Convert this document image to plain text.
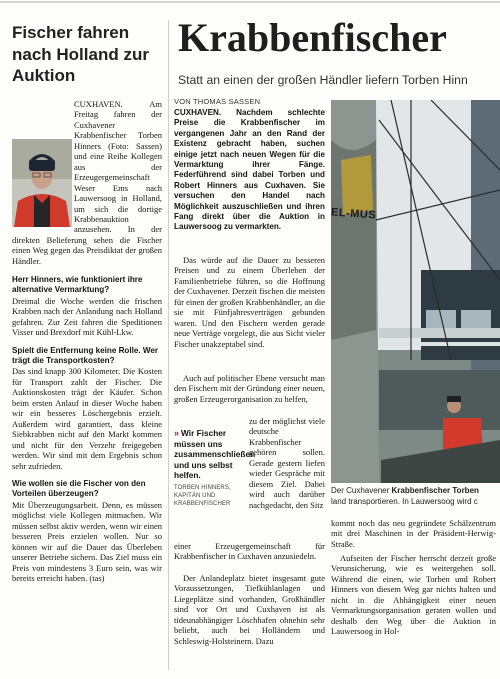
Fischer fahren nach Holland zur Auktion
CUXHAVEN. Am Freitag fahren der Cuxhavener Krabbenfischer Torben Hinners (Foto: Sassen) und eine Reihe Kollegen aus der Erzeugergemeinschaft Weser Ems nach Lauwersoog in Holland, um sich die dortige Krabbenauktion anzusehen. In der direkten Belieferung sehen die Fischer einen Weg gegen das Preisdiktat der großen Händler.

Herr Hinners, wie funktioniert ihre alternative Vermarktung?

Dreimal die Woche werden die frischen Krabben nach der Anlandung nach Holland gefahren. Zur Zeit fahren die Speditionen Visser und Brexdorf mit Kühl-Lkw.

Spielt die Entfernung keine Rolle. Wer trägt die Transportkosten?

Das sind knapp 300 Kilometer. Die Kosten für Transport zahlt der Fischer. Die Auktionskosten trägt der Käufer. Schon beim ersten Anlauf in dieser Woche haben wir ein besseres Löschergebnis erzielt. Außerdem wird garantiert, dass kleine Siebkrabben nicht auf den Markt kommen und nicht für den Verzehr freigegeben werden. Wir sind mit dem Ergebnis schon sehr zufrieden.

Wie wollen sie die Fischer von den Vorteilen überzeugen?

Mit Überzeugungsarbeit. Denn, es müssen möglichst viele Kollegen mitmachen. Wir müssen selbst aktiv werden, wenn wir einen besseren Preis erzielen wollen. Nur so können wir auf die Dauer das Überleben unserer Betriebe sichern. Das Ziel muss ein Preis von mindestens 3 Euro sein, was wir bereits erreicht haben. (tas)

Krabbenfischer
Statt an einen der großen Händler liefern Torben Hinn
VON THOMAS SASSEN

CUXHAVEN. Nachdem schlechte Preise die Krabbenfischer im vergangenen Jahr an den Rand der Existenz gebracht haben, suchen einige jetzt nach neuen Wegen für die Vermarktung ihrer Fänge. Federführend sind dabei Torben und Robert Hinners aus Cuxhaven. Sie versuchen den Handel nach Möglichkeit auszuschließen und ihren Fang direkt über die Auktion in Lauwersoog zu vermarkten.

Das würde auf die Dauer zu besseren Preisen und zu einem Überleben der Familienbetriebe führen, so die Hoffnung der Cuxhavener. Derzeit fischen die meisten für einen der großen Krabbenhändler, an die sie mit Fünfjahresverträgen gebunden waren. Und den Fischern werden gerade neue Verträge vorgelegt, die aus Sicht vieler Fischer unakzeptabel sind.

Auch auf politischer Ebene versucht man den Fischern mit der Gründung einer neuen, großen Erzeugerorganisation zu helfen,

» Wir Fischer müssen uns zusammenschließen und uns selbst helfen.

TORBEN HINNERS, KAPITÄN UND KRABBENFISCHER

zu der möglichst viele deutsche Krabbenfischer gehören sollen. Gerade gestern liefen wieder Gespräche mit diesem Ziel. Dabei wird auch darüber nachgedacht, den Sitz

einer Erzeugergemeinschaft für Krabbenfischer in Cuxhaven anzusiedeln.

Der Anlandeplatz bietet insgesamt gute Voraussetzungen, Tiefkühlanlagen und Liegeplätze sind vorhanden, Großhändler sind vor Ort und Cuxhaven ist als tideunabhängiger Löschhafen ohnehin sehr beliebt, auch bei Holländern und Schleswig-Holsteinern. Dazu

EL-MUS
Der Cuxhavener Krabbenfischer Torben
land transportieren. In Lauwersoog wird c

kommt noch das neu gegründete Schälzentrum mit drei Maschinen in der Präsident-Herwig-Straße.

Aufseiten der Fischer herrscht derzeit große Verunsicherung, wie es weitergehen soll. Während die einen, wie Torben und Robert Hinners von diesem Weg gar nichts halten und nicht in die Abhängigkeit einer neuen Vermarktungsorganisation geraten wollen und deshalb den Weg über die Auktion in Lauwersoog in Hol-
